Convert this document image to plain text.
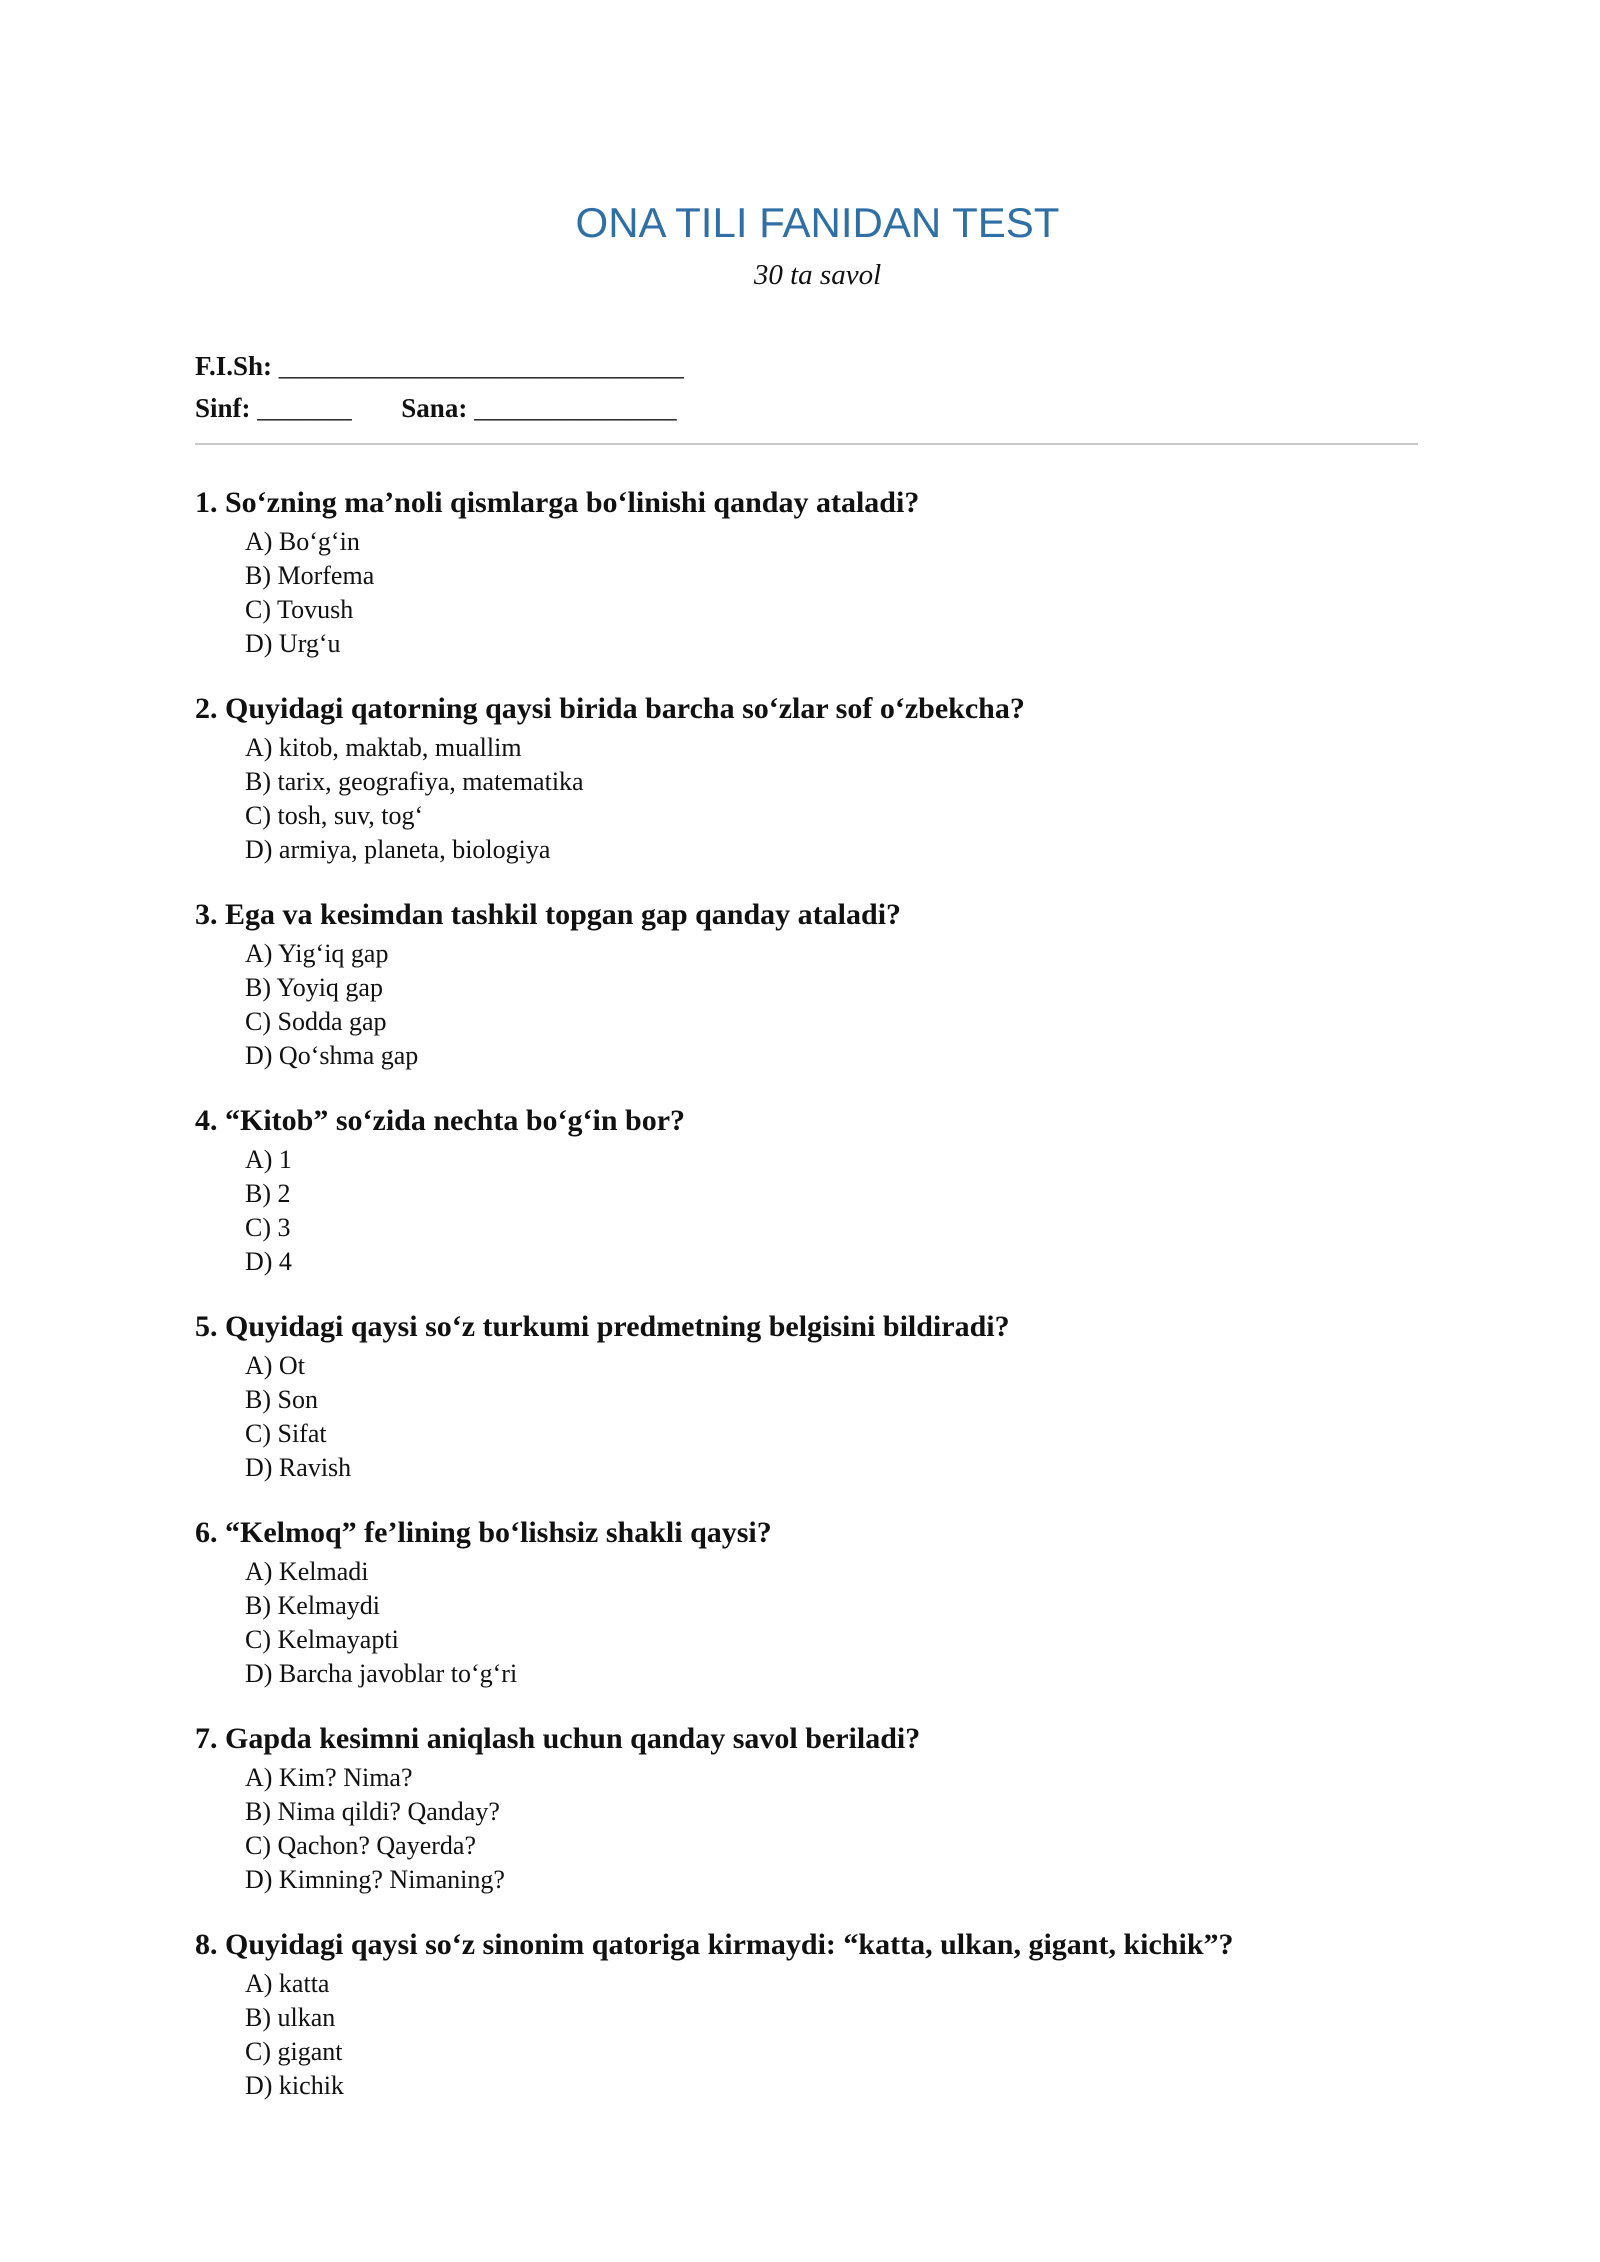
ONA TILI FANIDAN TEST
30 ta savol
F.I.Sh: ______________________________
Sinf: _______ Sana: _______________
1. So‘zning ma’noli qismlarga bo‘linishi qanday ataladi?
A) Bo‘g‘in
B) Morfema
C) Tovush
D) Urg‘u
2. Quyidagi qatorning qaysi birida barcha so‘zlar sof o‘zbekcha?
A) kitob, maktab, muallim
B) tarix, geografiya, matematika
C) tosh, suv, tog‘
D) armiya, planeta, biologiya
3. Ega va kesimdan tashkil topgan gap qanday ataladi?
A) Yig‘iq gap
B) Yoyiq gap
C) Sodda gap
D) Qo‘shma gap
4. “Kitob” so‘zida nechta bo‘g‘in bor?
A) 1
B) 2
C) 3
D) 4
5. Quyidagi qaysi so‘z turkumi predmetning belgisini bildiradi?
A) Ot
B) Son
C) Sifat
D) Ravish
6. “Kelmoq” fe’lining bo‘lishsiz shakli qaysi?
A) Kelmadi
B) Kelmaydi
C) Kelmayapti
D) Barcha javoblar to‘g‘ri
7. Gapda kesimni aniqlash uchun qanday savol beriladi?
A) Kim? Nima?
B) Nima qildi? Qanday?
C) Qachon? Qayerda?
D) Kimning? Nimaning?
8. Quyidagi qaysi so‘z sinonim qatoriga kirmaydi: “katta, ulkan, gigant, kichik”?
A) katta
B) ulkan
C) gigant
D) kichik
